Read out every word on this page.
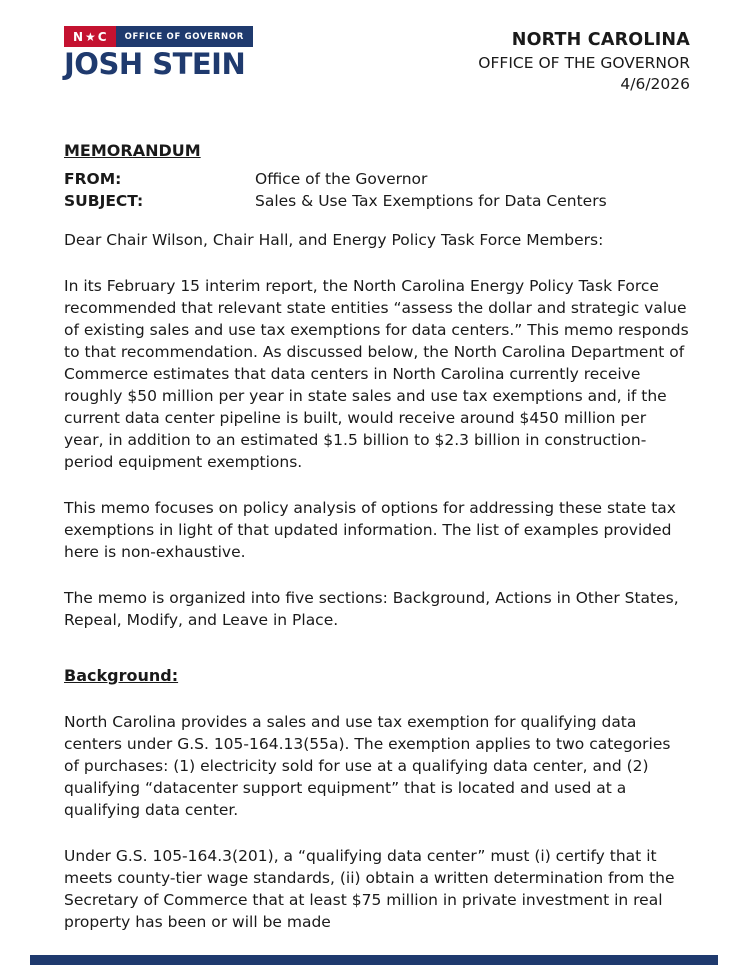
N★C	OFFICE OF GOVERNOR
JOSH STEIN
NORTH CAROLINA
OFFICE OF THE GOVERNOR
4/6/2026
MEMORANDUM
FROM:	Office of the Governor
SUBJECT:	Sales & Use Tax Exemptions for Data Centers
Dear Chair Wilson, Chair Hall, and Energy Policy Task Force Members:

In its February 15 interim report, the North Carolina Energy Policy Task Force recommended that relevant state entities “assess the dollar and strategic value of existing sales and use tax exemptions for data centers.” This memo responds to that recommendation. As discussed below, the North Carolina Department of Commerce estimates that data centers in North Carolina currently receive roughly $50 million per year in state sales and use tax exemptions and, if the current data center pipeline is built, would receive around $450 million per year, in addition to an estimated $1.5 billion to $2.3 billion in construction-period equipment exemptions.

This memo focuses on policy analysis of options for addressing these state tax exemptions in light of that updated information. The list of examples provided here is non-exhaustive.

The memo is organized into five sections: Background, Actions in Other States, Repeal, Modify, and Leave in Place.

Background:

North Carolina provides a sales and use tax exemption for qualifying data centers under G.S. 105-164.13(55a). The exemption applies to two categories of purchases: (1) electricity sold for use at a qualifying data center, and (2) qualifying “datacenter support equipment” that is located and used at a qualifying data center.

Under G.S. 105-164.3(201), a “qualifying data center” must (i) certify that it meets county-tier wage standards, (ii) obtain a written determination from the Secretary of Commerce that at least $75 million in private investment in real property has been or will be made
